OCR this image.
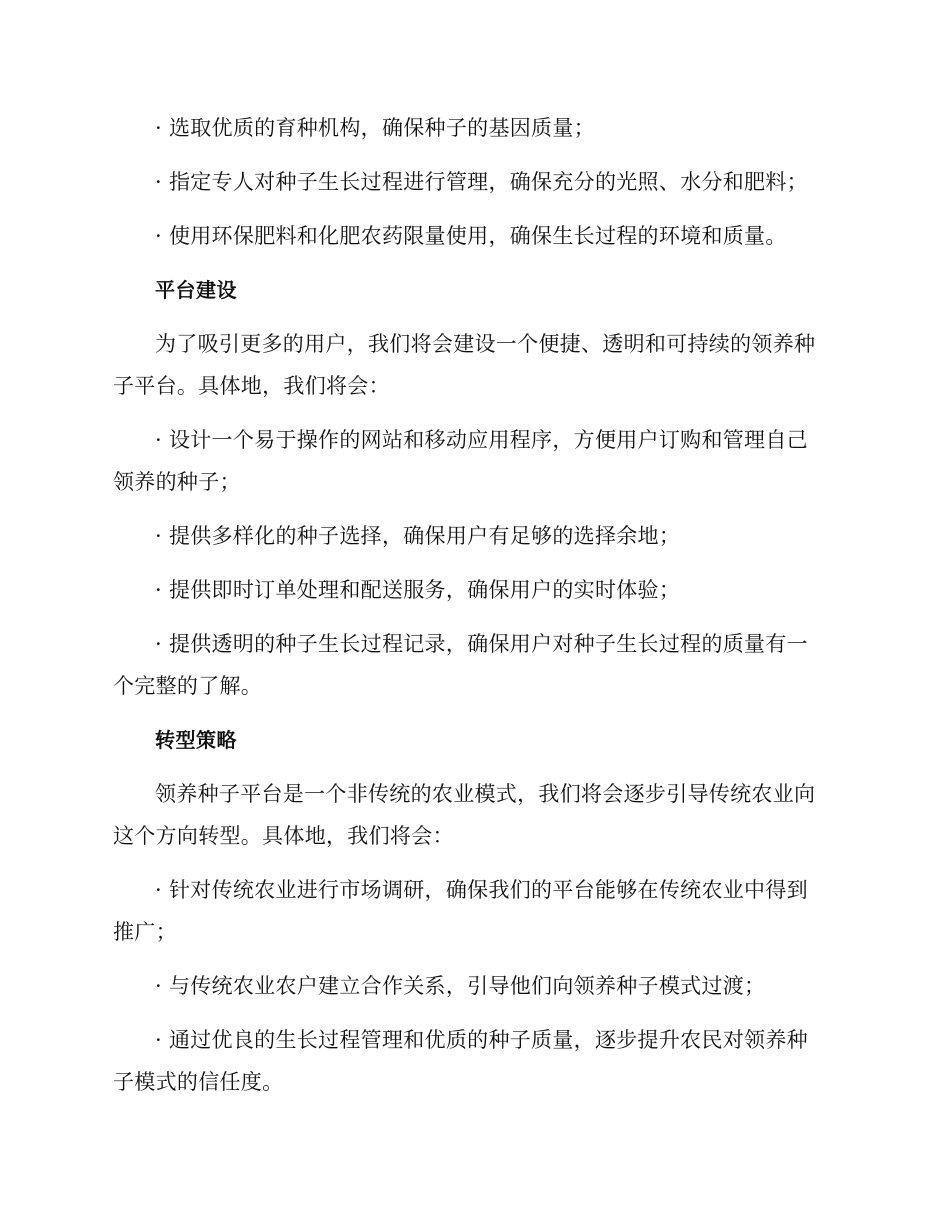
· 选取优质的育种机构，确保种子的基因质量；

· 指定专人对种子生长过程进行管理，确保充分的光照、水分和肥料；

· 使用环保肥料和化肥农药限量使用，确保生长过程的环境和质量。

平台建设

为了吸引更多的用户，我们将会建设一个便捷、透明和可持续的领养种子平台。具体地，我们将会：

· 设计一个易于操作的网站和移动应用程序，方便用户订购和管理自己领养的种子；

· 提供多样化的种子选择，确保用户有足够的选择余地；

· 提供即时订单处理和配送服务，确保用户的实时体验；

· 提供透明的种子生长过程记录，确保用户对种子生长过程的质量有一个完整的了解。

转型策略

领养种子平台是一个非传统的农业模式，我们将会逐步引导传统农业向这个方向转型。具体地，我们将会：

· 针对传统农业进行市场调研，确保我们的平台能够在传统农业中得到推广；

· 与传统农业农户建立合作关系，引导他们向领养种子模式过渡；

· 通过优良的生长过程管理和优质的种子质量，逐步提升农民对领养种子模式的信任度。
